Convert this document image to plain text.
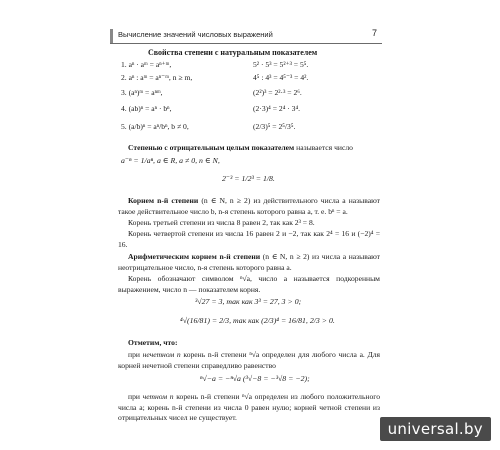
Вычисление значений числовых выражений	7
Свойства степени с натуральным показателем
1. aⁿ · aᵐ = aⁿ⁺ᵐ,	5² · 5³ = 5²⁺³ = 5⁵.
2. aⁿ : aᵐ = aⁿ⁻ᵐ, n ≥ m,	4⁵ : 4³ = 4⁵⁻³ = 4².
3. (aⁿ)ᵐ = aⁿᵐ,	(2²)³ = 2²·³ = 2⁶.
4. (ab)ⁿ = aⁿ · bⁿ,	(2·3)⁴ = 2⁴ · 3⁴.
5. (a/b)ⁿ = aⁿ/bⁿ, b ≠ 0,	(2/3)⁵ = 2⁵/3⁵.
Степенью с отрицательным целым показателем называется число
a⁻ⁿ = 1/aⁿ, a ∈ R, a ≠ 0, n ∈ N,
2⁻³ = 1/2³ = 1/8.
Корнем n-й степени (n ∈ N, n ≥ 2) из действительного числа a называют такое действительное число b, n-я степень которого равна a, т. е. bⁿ = a.
Корень третьей степени из числа 8 равен 2, так как 2³ = 8.
Корень четвертой степени из числа 16 равен 2 и −2, так как 2⁴ = 16 и (−2)⁴ = 16.
Арифметическим корнем n-й степени (n ∈ N, n ≥ 2) из числа a называют неотрицательное число, n-я степень которого равна a.
Корень обозначают символом ⁿ√a, число a называется подкоренным выражением, число n — показателем корня.
³√27 = 3, так как 3³ = 27, 3 > 0;
⁴√(16/81) = 2/3, так как (2/3)⁴ = 16/81, 2/3 > 0.
Отметим, что:
при нечетном n корень n-й степени ⁿ√a определен для любого числа a. Для корней нечетной степени справедливо равенство
ⁿ√−a = −ⁿ√a (³√−8 = −³√8 = −2);
при четном n корень n-й степени ⁿ√a определен из любого положительного числа a; корень n-й степени из числа 0 равен нулю; корней четной степени из отрицательных чисел не существует.
universal.by
